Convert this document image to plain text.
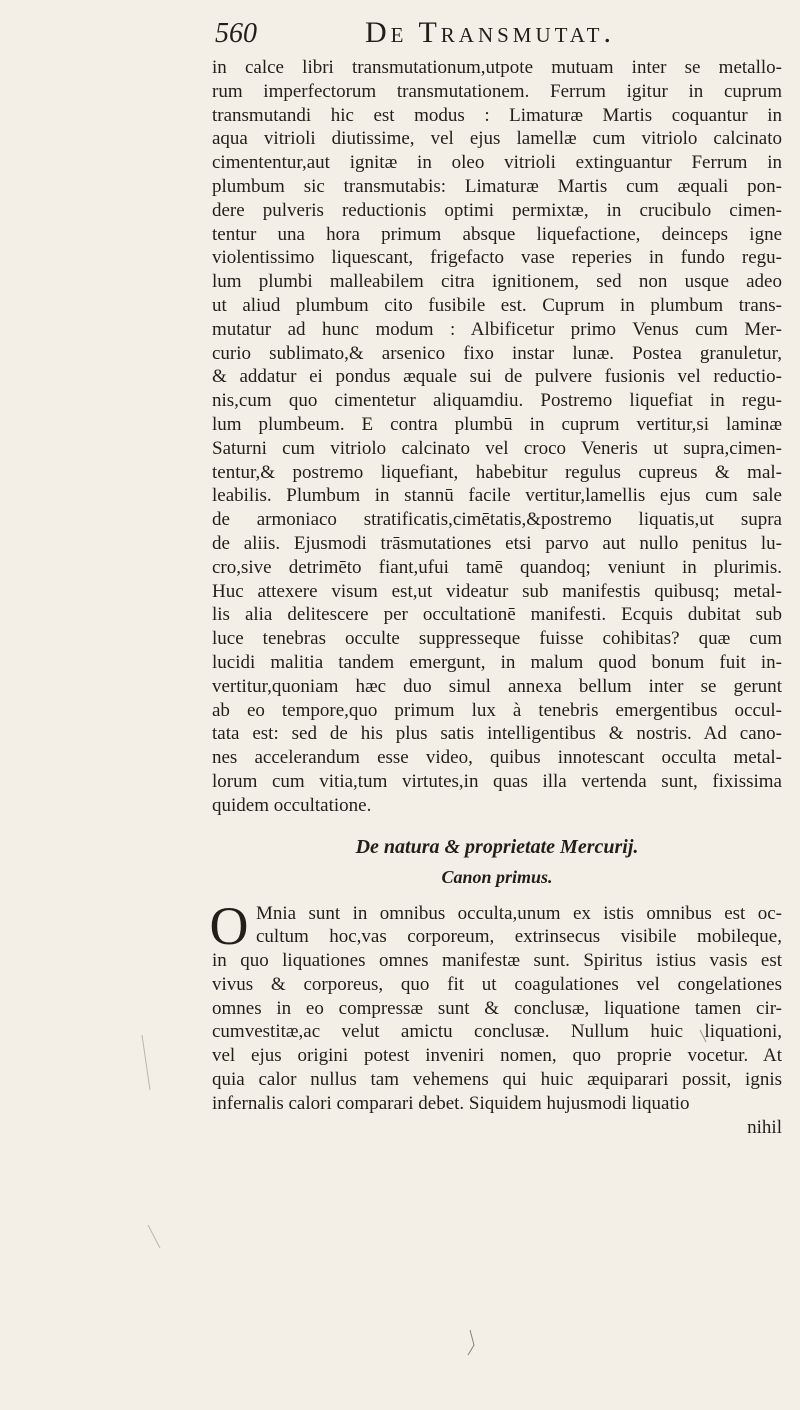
560	De Transmutat.
in calce libri transmutationum,utpote mutuam inter se metallo-
rum imperfectorum transmutationem. Ferrum igitur in cuprum
transmutandi hic est modus : Limaturæ Martis coquantur in
aqua vitrioli diutissime, vel ejus lamellæ cum vitriolo calcinato
cimententur,aut ignitæ in oleo vitrioli extinguantur Ferrum in
plumbum sic transmutabis: Limaturæ Martis cum æquali pon-
dere pulveris reductionis optimi permixtæ, in crucibulo cimen-
tentur una hora primum absque liquefactione, deinceps igne
violentissimo liquescant, frigefacto vase reperies in fundo regu-
lum plumbi malleabilem citra ignitionem, sed non usque adeo
ut aliud plumbum cito fusibile est. Cuprum in plumbum trans-
mutatur ad hunc modum : Albificetur primo Venus cum Mer-
curio sublimato,& arsenico fixo instar lunæ. Postea granuletur,
& addatur ei pondus æquale sui de pulvere fusionis vel reductio-
nis,cum quo cimentetur aliquamdiu. Postremo liquefiat in regu-
lum plumbeum. E contra plumbū in cuprum vertitur,si laminæ
Saturni cum vitriolo calcinato vel croco Veneris ut supra,cimen-
tentur,& postremo liquefiant, habebitur regulus cupreus & mal-
leabilis. Plumbum in stannū facile vertitur,lamellis ejus cum sale
de armoniaco stratificatis,cimētatis,&postremo liquatis,ut supra
de aliis. Ejusmodi trāsmutationes etsi parvo aut nullo penitus lu-
cro,sive detrimēto fiant,ufui tamē quandoq; veniunt in plurimis.
Huc attexere visum est,ut videatur sub manifestis quibusq; metal-
lis alia delitescere per occultationē manifesti. Ecquis dubitat sub
luce tenebras occulte suppresseque fuisse cohibitas? quæ cum
lucidi malitia tandem emergunt, in malum quod bonum fuit in-
vertitur,quoniam hæc duo simul annexa bellum inter se gerunt
ab eo tempore,quo primum lux à tenebris emergentibus occul-
tata est: sed de his plus satis intelligentibus & nostris. Ad cano-
nes accelerandum esse video, quibus innotescant occulta metal-
lorum cum vitia,tum virtutes,in quas illa vertenda sunt, fixissima
quidem occultatione.
De natura & proprietate Mercurij.
Canon primus.
O Mnia sunt in omnibus occulta,unum ex istis omnibus est oc-
cultum hoc,vas corporeum, extrinsecus visibile mobileque,
in quo liquationes omnes manifestæ sunt. Spiritus istius vasis est
vivus & corporeus, quo fit ut coagulationes vel congelationes
omnes in eo compressæ sunt & conclusæ, liquatione tamen cir-
cumvestitæ,ac velut amictu conclusæ. Nullum huic liquationi,
vel ejus origini potest inveniri nomen, quo proprie vocetur. At
quia calor nullus tam vehemens qui huic æquiparari possit, ignis
infernalis calori comparari debet. Siquidem hujusmodi liquatio
nihil
